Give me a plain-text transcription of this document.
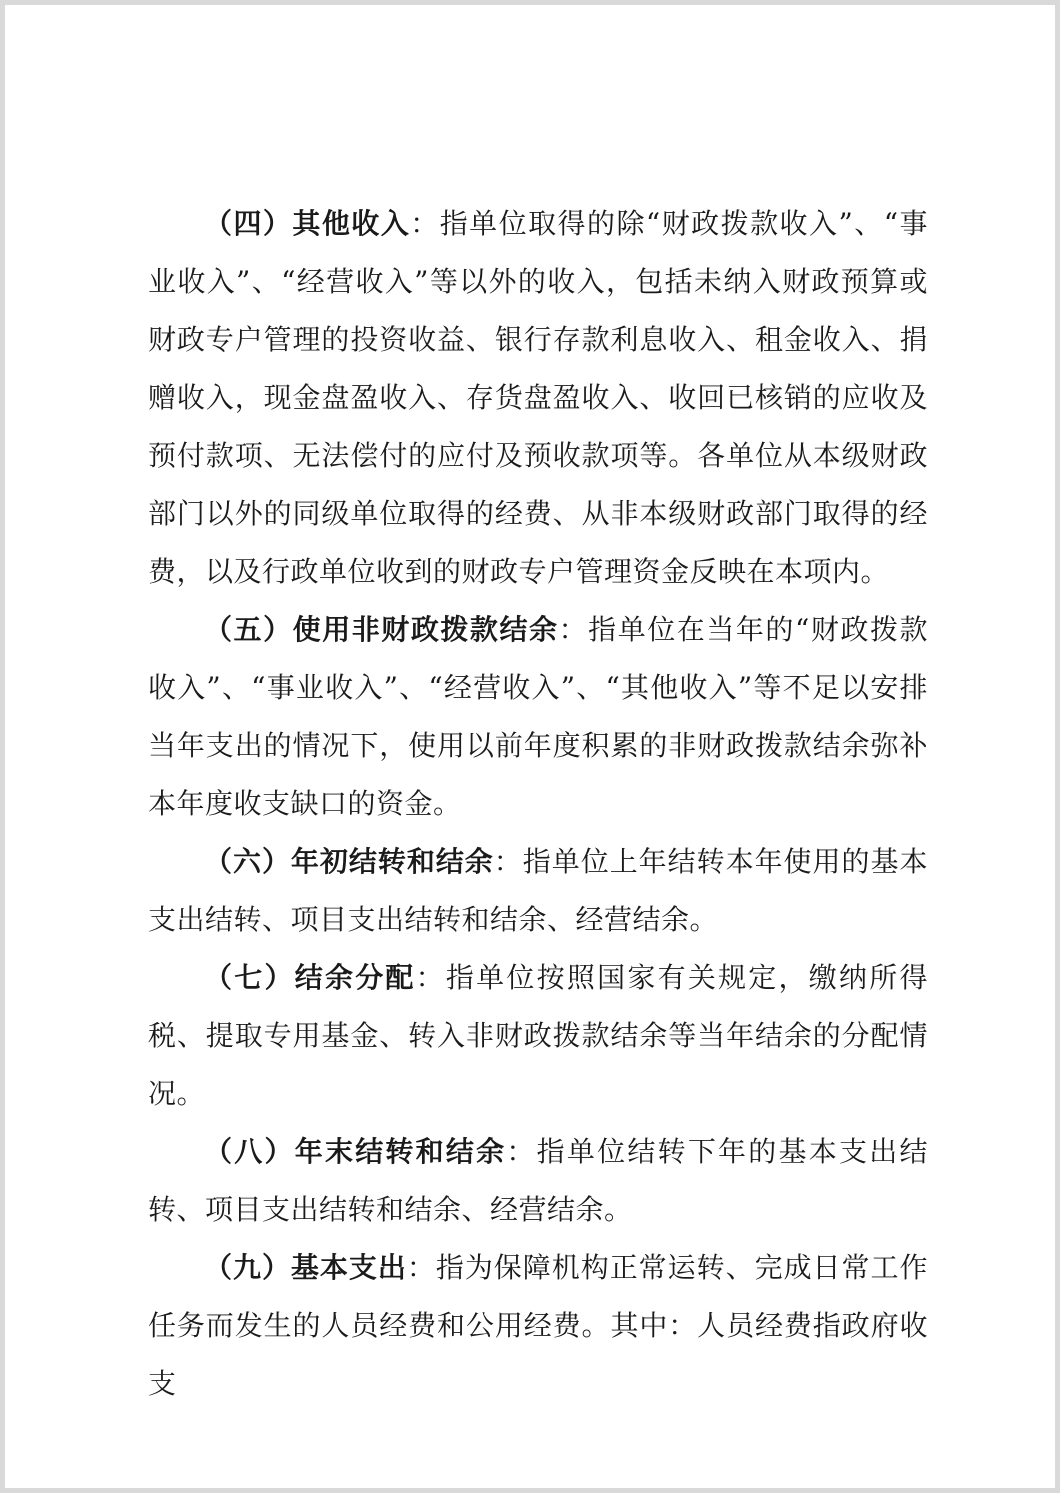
（四）其他收入：指单位取得的除“财政拨款收入”、“事业收入”、“经营收入”等以外的收入，包括未纳入财政预算或财政专户管理的投资收益、银行存款利息收入、租金收入、捐赠收入，现金盘盈收入、存货盘盈收入、收回已核销的应收及预付款项、无法偿付的应付及预收款项等。各单位从本级财政部门以外的同级单位取得的经费、从非本级财政部门取得的经费，以及行政单位收到的财政专户管理资金反映在本项内。

（五）使用非财政拨款结余：指单位在当年的“财政拨款收入”、“事业收入”、“经营收入”、“其他收入”等不足以安排当年支出的情况下，使用以前年度积累的非财政拨款结余弥补本年度收支缺口的资金。

（六）年初结转和结余：指单位上年结转本年使用的基本支出结转、项目支出结转和结余、经营结余。

（七）结余分配：指单位按照国家有关规定，缴纳所得税、提取专用基金、转入非财政拨款结余等当年结余的分配情况。

（八）年末结转和结余：指单位结转下年的基本支出结转、项目支出结转和结余、经营结余。

（九）基本支出：指为保障机构正常运转、完成日常工作任务而发生的人员经费和公用经费。其中：人员经费指政府收支
